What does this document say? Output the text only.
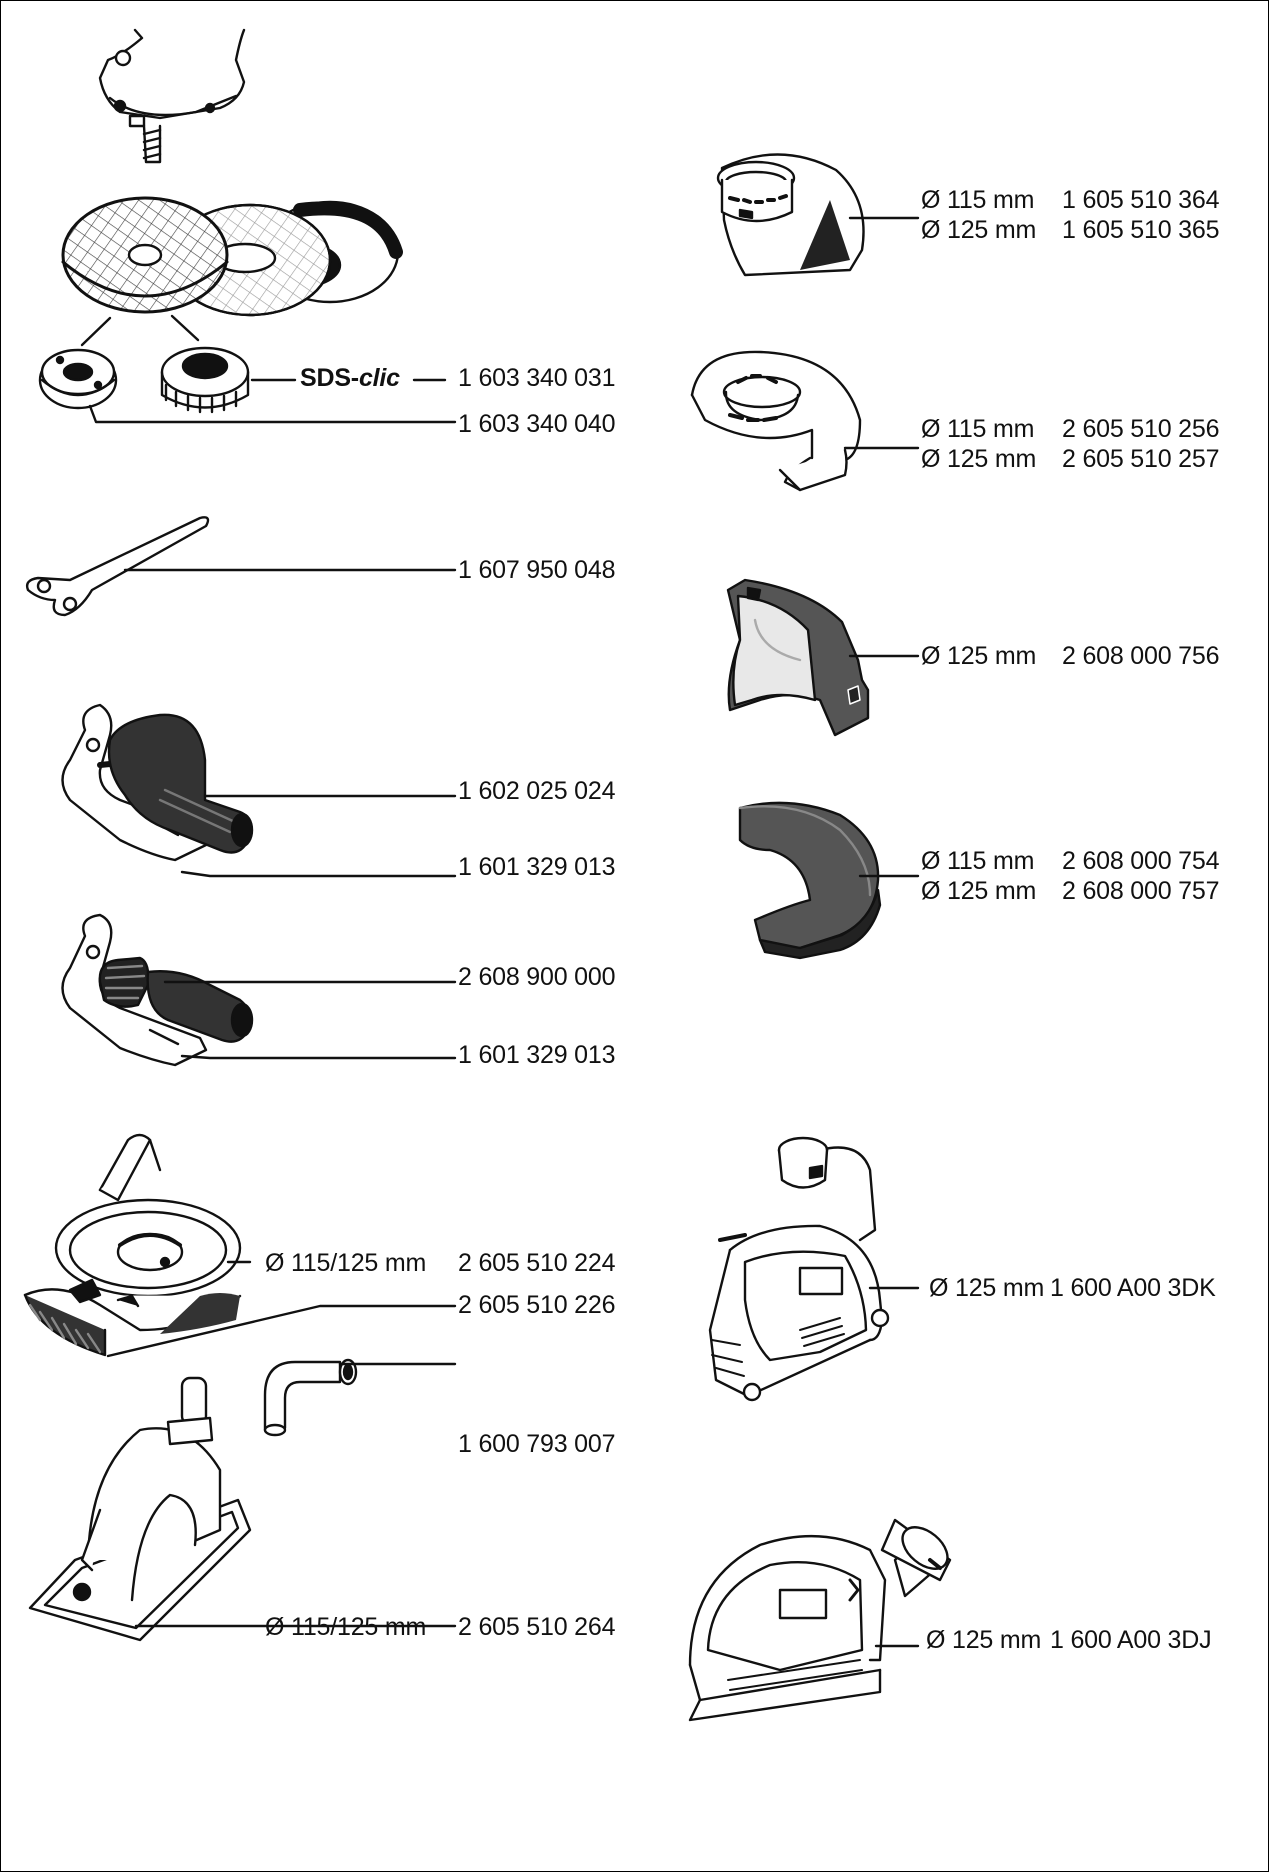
SDS-clic 1 603 340 031
1 603 340 040
1 607 950 048
1 602 025 024
1 601 329 013
2 608 900 000
1 601 329 013
Ø 115/125 mm 2 605 510 224
2 605 510 226
1 600 793 007
Ø 115/125 mm 2 605 510 264
Ø 115 mm 1 605 510 364
Ø 125 mm 1 605 510 365
Ø 115 mm 2 605 510 256
Ø 125 mm 2 605 510 257
Ø 125 mm 2 608 000 756
Ø 115 mm 2 608 000 754
Ø 125 mm 2 608 000 757
Ø 125 mm 1 600 A00 3DK
Ø 125 mm 1 600 A00 3DJ
